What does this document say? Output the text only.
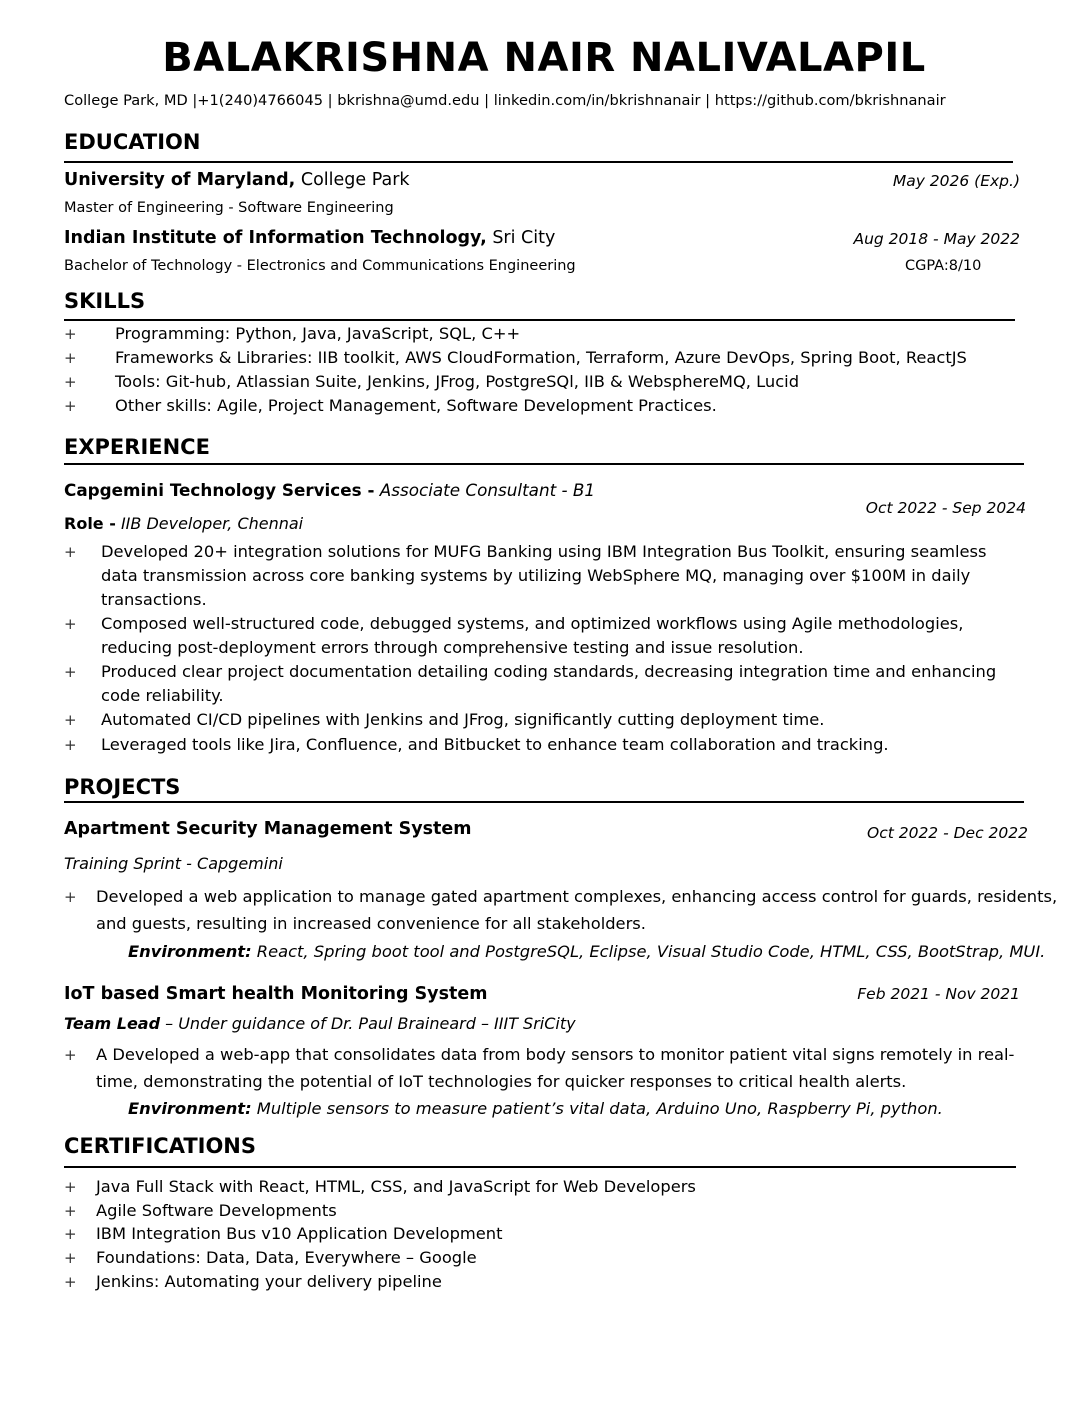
BALAKRISHNA NAIR NALIVALAPIL
College Park, MD |+1(240)4766045 | bkrishna@umd.edu | linkedin.com/in/bkrishnanair | https://github.com/bkrishnanair
EDUCATION
University of Maryland, College Park	May 2026 (Exp.)
Master of Engineering - Software Engineering
Indian Institute of Information Technology, Sri City	Aug 2018 - May 2022
Bachelor of Technology - Electronics and Communications Engineering	CGPA:8/10
SKILLS
+ Programming: Python, Java, JavaScript, SQL, C++
+ Frameworks & Libraries: IIB toolkit, AWS CloudFormation, Terraform, Azure DevOps, Spring Boot, ReactJS
+ Tools: Git-hub, Atlassian Suite, Jenkins, JFrog, PostgreSQl, IIB & WebsphereMQ, Lucid
+ Other skills: Agile, Project Management, Software Development Practices.
EXPERIENCE
Capgemini Technology Services - Associate Consultant - B1
Oct 2022 - Sep 2024
Role - IIB Developer, Chennai
+ Developed 20+ integration solutions for MUFG Banking using IBM Integration Bus Toolkit, ensuring seamless
data transmission across core banking systems by utilizing WebSphere MQ, managing over $100M in daily
transactions.
+ Composed well-structured code, debugged systems, and optimized workflows using Agile methodologies,
reducing post-deployment errors through comprehensive testing and issue resolution.
+ Produced clear project documentation detailing coding standards, decreasing integration time and enhancing
code reliability.
+ Automated CI/CD pipelines with Jenkins and JFrog, significantly cutting deployment time.
+ Leveraged tools like Jira, Confluence, and Bitbucket to enhance team collaboration and tracking.
PROJECTS
Apartment Security Management System	Oct 2022 - Dec 2022
Training Sprint - Capgemini
+ Developed a web application to manage gated apartment complexes, enhancing access control for guards, residents,
and guests, resulting in increased convenience for all stakeholders.
Environment: React, Spring boot tool and PostgreSQL, Eclipse, Visual Studio Code, HTML, CSS, BootStrap, MUI.
IoT based Smart health Monitoring System	Feb 2021 - Nov 2021
Team Lead – Under guidance of Dr. Paul Braineard – IIIT SriCity
+ A Developed a web-app that consolidates data from body sensors to monitor patient vital signs remotely in real-
time, demonstrating the potential of IoT technologies for quicker responses to critical health alerts.
Environment: Multiple sensors to measure patient’s vital data, Arduino Uno, Raspberry Pi, python.
CERTIFICATIONS
+ Java Full Stack with React, HTML, CSS, and JavaScript for Web Developers
+ Agile Software Developments
+ IBM Integration Bus v10 Application Development
+ Foundations: Data, Data, Everywhere – Google
+ Jenkins: Automating your delivery pipeline
